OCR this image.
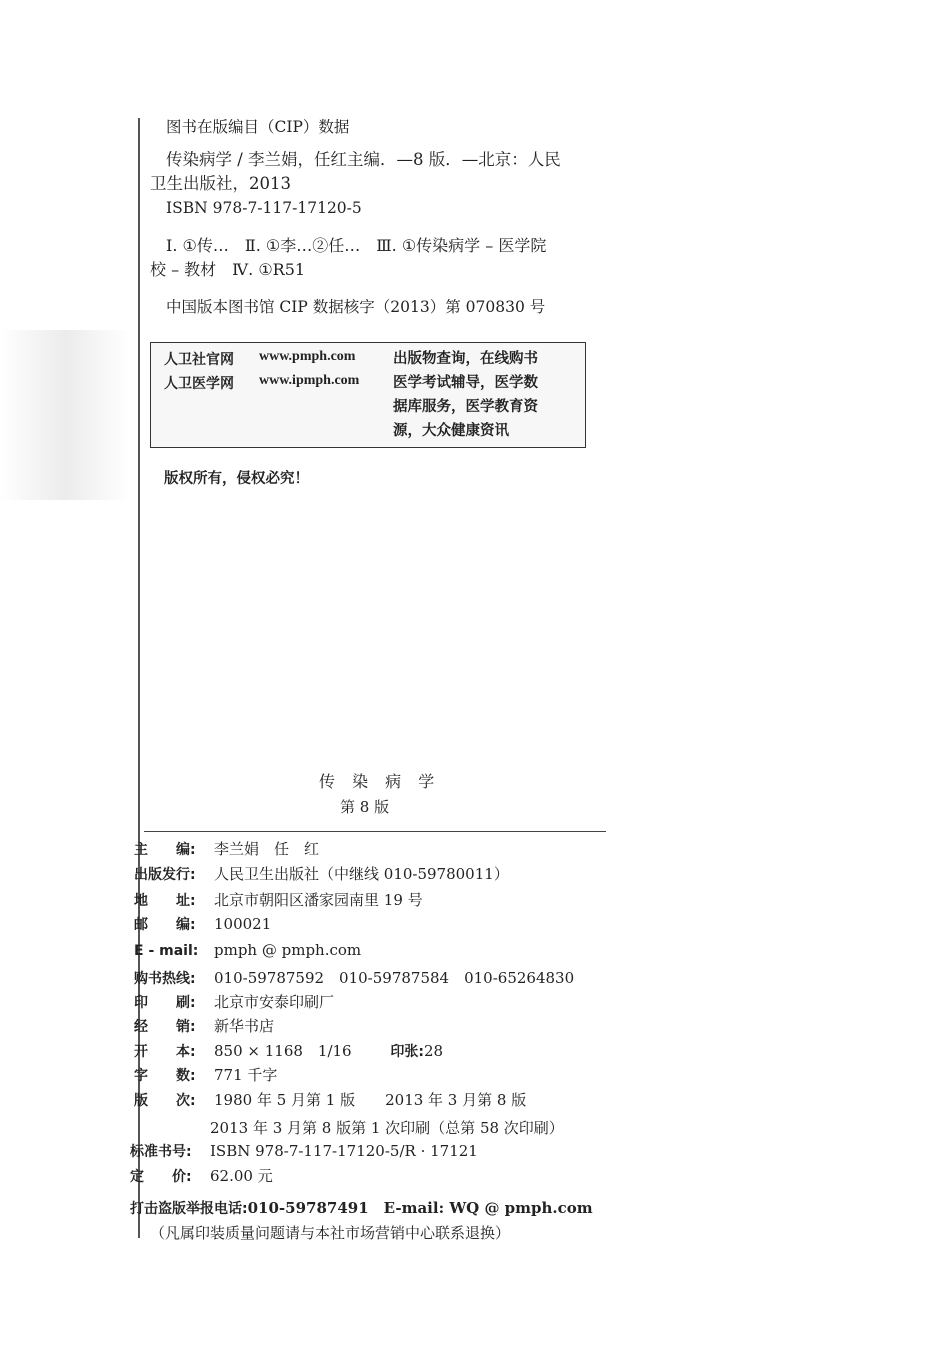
图书在版编目（CIP）数据
传染病学 / 李兰娟，任红主编．—8 版．—北京：人民
卫生出版社，2013
ISBN 978-7-117-17120-5
Ⅰ. ①传…　Ⅱ. ①李…②任…　Ⅲ. ①传染病学 – 医学院
校 – 教材　Ⅳ. ①R51
中国版本图书馆 CIP 数据核字（2013）第 070830 号
人卫社官网 www.pmph.com
人卫医学网 www.ipmph.com
出版物查询，在线购书
医学考试辅导，医学数
据库服务，医学教育资
源，大众健康资讯
版权所有，侵权必究！
传 染 病 学
第 8 版
主　　编: 李兰娟　任　红
出版发行: 人民卫生出版社（中继线 010-59780011）
地　　址: 北京市朝阳区潘家园南里 19 号
邮　　编: 100021
E - mail: pmph @ pmph.com
购书热线: 010-59787592　010-59787584　010-65264830
印　　刷: 北京市安泰印刷厂
经　　销: 新华书店
开　　本: 850 × 1168　1/16	印张:28
字　　数: 771 千字
版　　次: 1980 年 5 月第 1 版　　2013 年 3 月第 8 版
2013 年 3 月第 8 版第 1 次印刷（总第 58 次印刷）
标准书号: ISBN 978-7-117-17120-5/R · 17121
定　　价: 62.00 元
打击盗版举报电话:010-59787491　E-mail: WQ @ pmph.com
（凡属印装质量问题请与本社市场营销中心联系退换）
